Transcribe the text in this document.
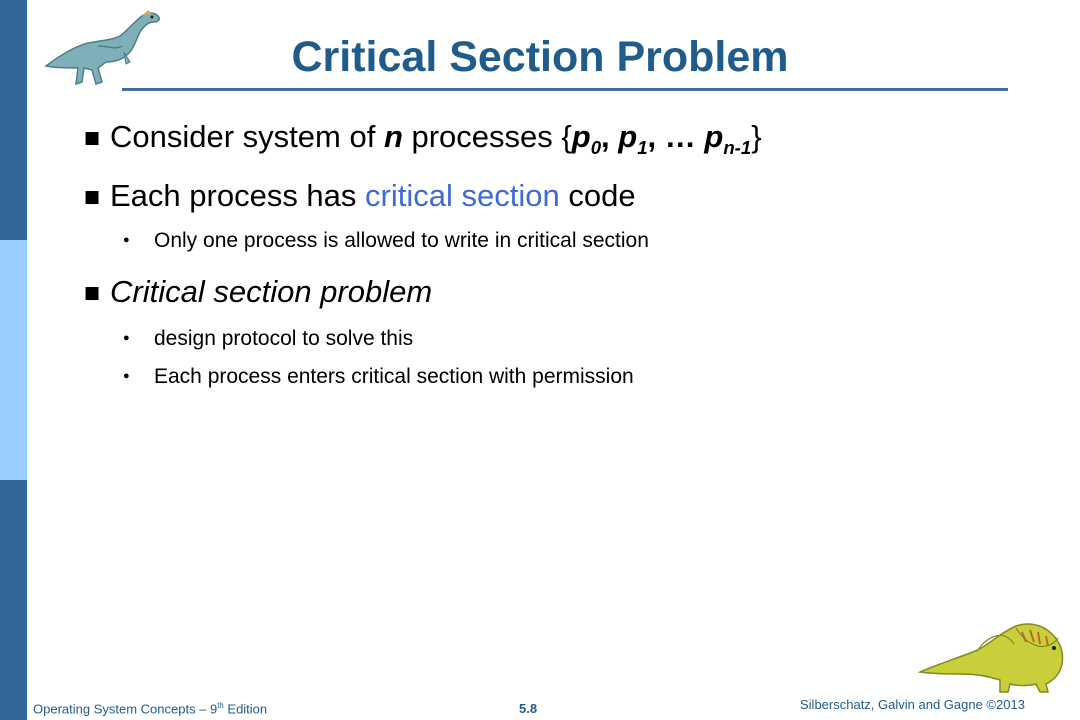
Critical Section Problem
■ Consider system of n processes {$p_0$, $p_1$, … $p_{n-1}$}
■ Each process has critical section code
● Only one process is allowed to write in critical section
■ Critical section problem
● design protocol to solve this
● Each process enters critical section with permission
Operating System Concepts – 9th Edition	5.8	Silberschatz, Galvin and Gagne ©2013
